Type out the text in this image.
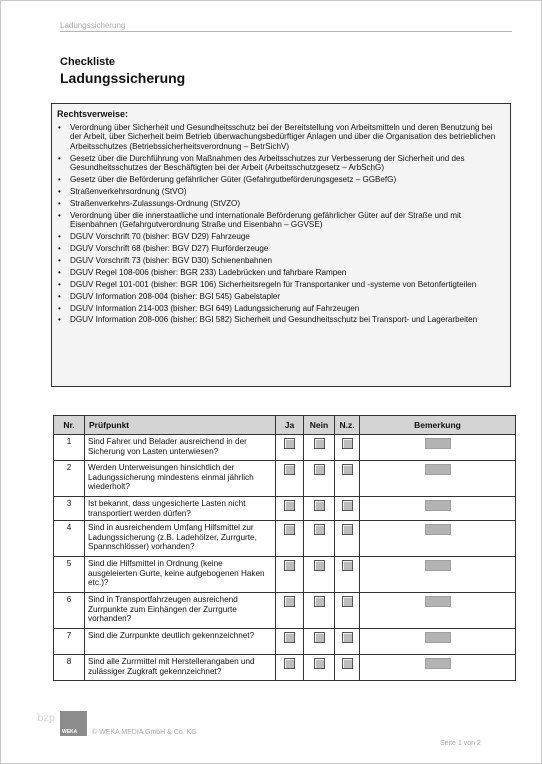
Ladungssicherung
Checkliste
Ladungssicherung
Rechtsverweise:
• Verordnung über Sicherheit und Gesundheitsschutz bei der Bereitstellung von Arbeitsmitteln und deren Benutzung bei der Arbeit, über Sicherheit beim Betrieb überwachungsbedürftiger Anlagen und über die Organisation des betrieblichen Arbeitsschutzes (Betriebssicherheitsverordnung – BetrSichV)
• Gesetz über die Durchführung von Maßnahmen des Arbeitsschutzes zur Verbesserung der Sicherheit und des Gesundheitsschutzes der Beschäftigten bei der Arbeit (Arbeitsschutzgesetz – ArbSchG)
• Gesetz über die Beförderung gefährlicher Güter (Gefahrgutbeförderungsgesetz – GGBefG)
• Straßenverkehrsordnung (StVO)
• Straßenverkehrs-Zulassungs-Ordnung (StVZO)
• Verordnung über die innerstaatliche und internationale Beförderung gefährlicher Güter auf der Straße und mit Eisenbahnen (Gefahrgutverordnung Straße und Eisenbahn – GGVSE)
• DGUV Vorschrift 70 (bisher: BGV D29) Fahrzeuge
• DGUV Vorschrift 68 (bisher: BGV D27) Flurförderzeuge
• DGUV Vorschrift 73 (bisher: BGV D30) Schienenbahnen
• DGUV Regel 108-006 (bisher: BGR 233) Ladebrücken und fahrbare Rampen
• DGUV Regel 101-001 (bisher: BGR 106) Sicherheitsregeln für Transportanker und -systeme von Betonfertigteilen
• DGUV Information 208-004 (bisher: BGI 545) Gabelstapler
• DGUV Information 214-003 (bisher: BGI 649) Ladungssicherung auf Fahrzeugen
• DGUV Information 208-006 (bisher: BGI 582) Sicherheit und Gesundheitsschutz bei Transport- und Lagerarbeiten
Nr.	Prüfpunkt	Ja	Nein	N.z.	Bemerkung
1	Sind Fahrer und Belader ausreichend in der Sicherung von Lasten unterwiesen?				
2	Werden Unterweisungen hinsichtlich der Ladungssicherung mindestens einmal jährlich wiederholt?				
3	Ist bekannt, dass ungesicherte Lasten nicht transportiert werden dürfen?				
4	Sind in ausreichendem Umfang Hilfsmittel zur Ladungssicherung (z.B. Ladehölzer, Zurrgurte, Spannschlösser) vorhanden?				
5	Sind die Hilfsmittel in Ordnung (keine ausgeleierten Gurte, keine aufgebogenen Haken etc.)?				
6	Sind in Transportfahrzeugen ausreichend Zurrpunkte zum Einhängen der Zurrgurte vorhanden?				
7	Sind die Zurrpunkte deutlich gekennzeichnet?				
8	Sind alle Zurrmittel mit Herstellerangaben und zulässiger Zugkraft gekennzeichnet?				
bzp
WEKA © WEKA MEDIA GmbH & Co. KG
Seite 1 von 2
